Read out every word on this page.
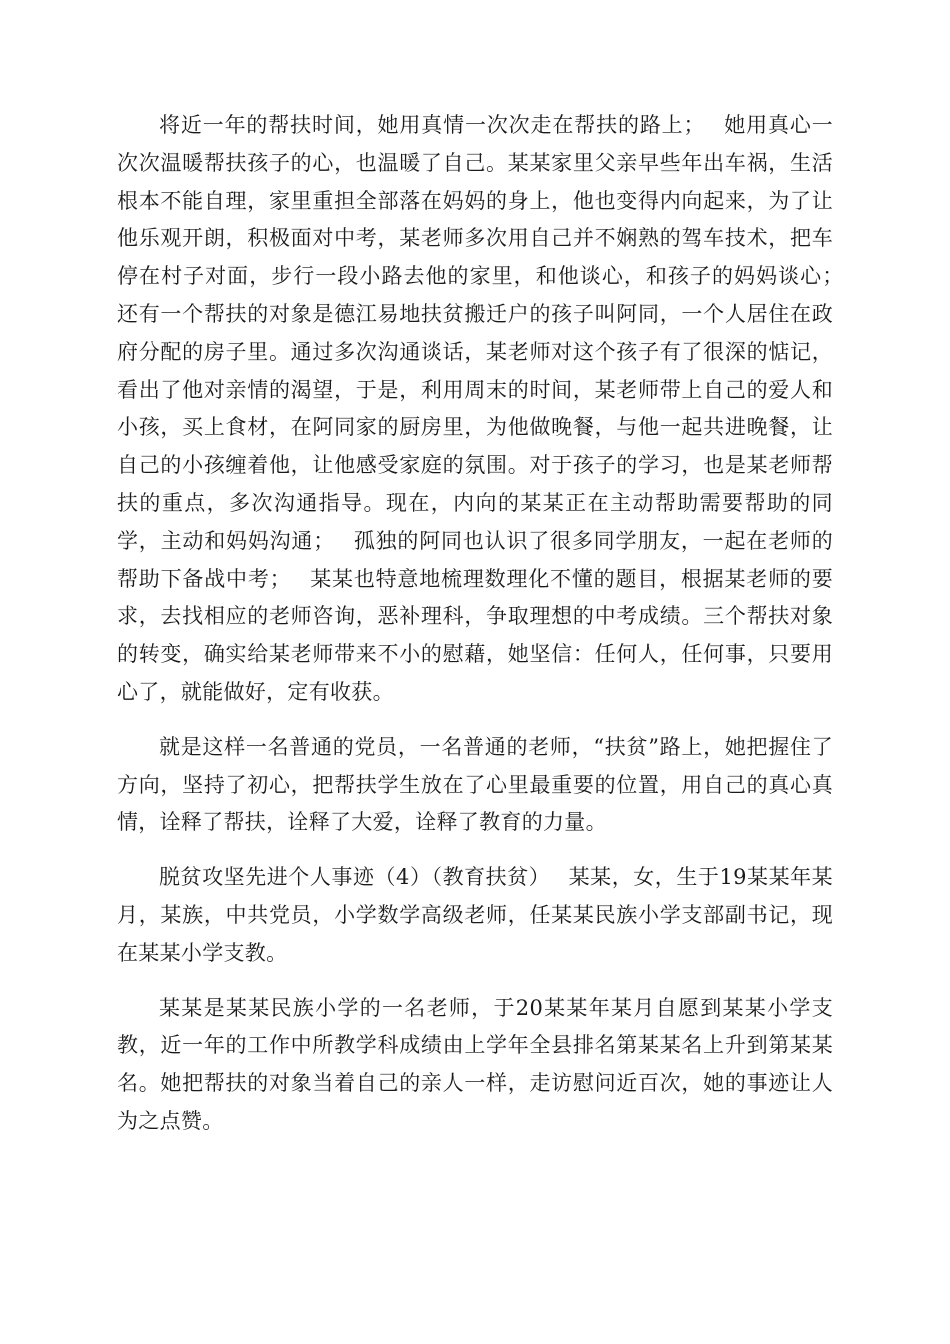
将近一年的帮扶时间，她用真情一次次走在帮扶的路上；　 她用真心一次次温暖帮扶孩子的心，也温暖了自己。某某家里父亲早些年出车祸，生活根本不能自理，家里重担全部落在妈妈的身上，他也变得内向起来，为了让他乐观开朗，积极面对中考，某老师多次用自己并不娴熟的驾车技术，把车停在村子对面，步行一段小路去他的家里，和他谈心，和孩子的妈妈谈心；　 还有一个帮扶的对象是德江易地扶贫搬迁户的孩子叫阿同，一个人居住在政府分配的房子里。通过多次沟通谈话，某老师对这个孩子有了很深的惦记，看出了他对亲情的渴望，于是，利用周末的时间，某老师带上自己的爱人和小孩，买上食材，在阿同家的厨房里，为他做晚餐，与他一起共进晚餐，让自己的小孩缠着他，让他感受家庭的氛围。对于孩子的学习，也是某老师帮扶的重点，多次沟通指导。现在，内向的某某正在主动帮助需要帮助的同学，主动和妈妈沟通；　 孤独的阿同也认识了很多同学朋友，一起在老师的帮助下备战中考；　 某某也特意地梳理数理化不懂的题目，根据某老师的要求，去找相应的老师咨询，恶补理科，争取理想的中考成绩。三个帮扶对象的转变，确实给某老师带来不小的慰藉，她坚信：任何人，任何事，只要用心了，就能做好，定有收获。

就是这样一名普通的党员，一名普通的老师，“扶贫”路上，她把握住了方向，坚持了初心，把帮扶学生放在了心里最重要的位置，用自己的真心真情，诠释了帮扶，诠释了大爱，诠释了教育的力量。

脱贫攻坚先进个人事迹（4）（教育扶贫）　 某某，女，生于19某某年某月，某族，中共党员，小学数学高级老师，任某某民族小学支部副书记，现在某某小学支教。

某某是某某民族小学的一名老师，于20某某年某月自愿到某某小学支教，近一年的工作中所教学科成绩由上学年全县排名第某某名上升到第某某名。她把帮扶的对象当着自己的亲人一样，走访慰问近百次，她的事迹让人为之点赞。
